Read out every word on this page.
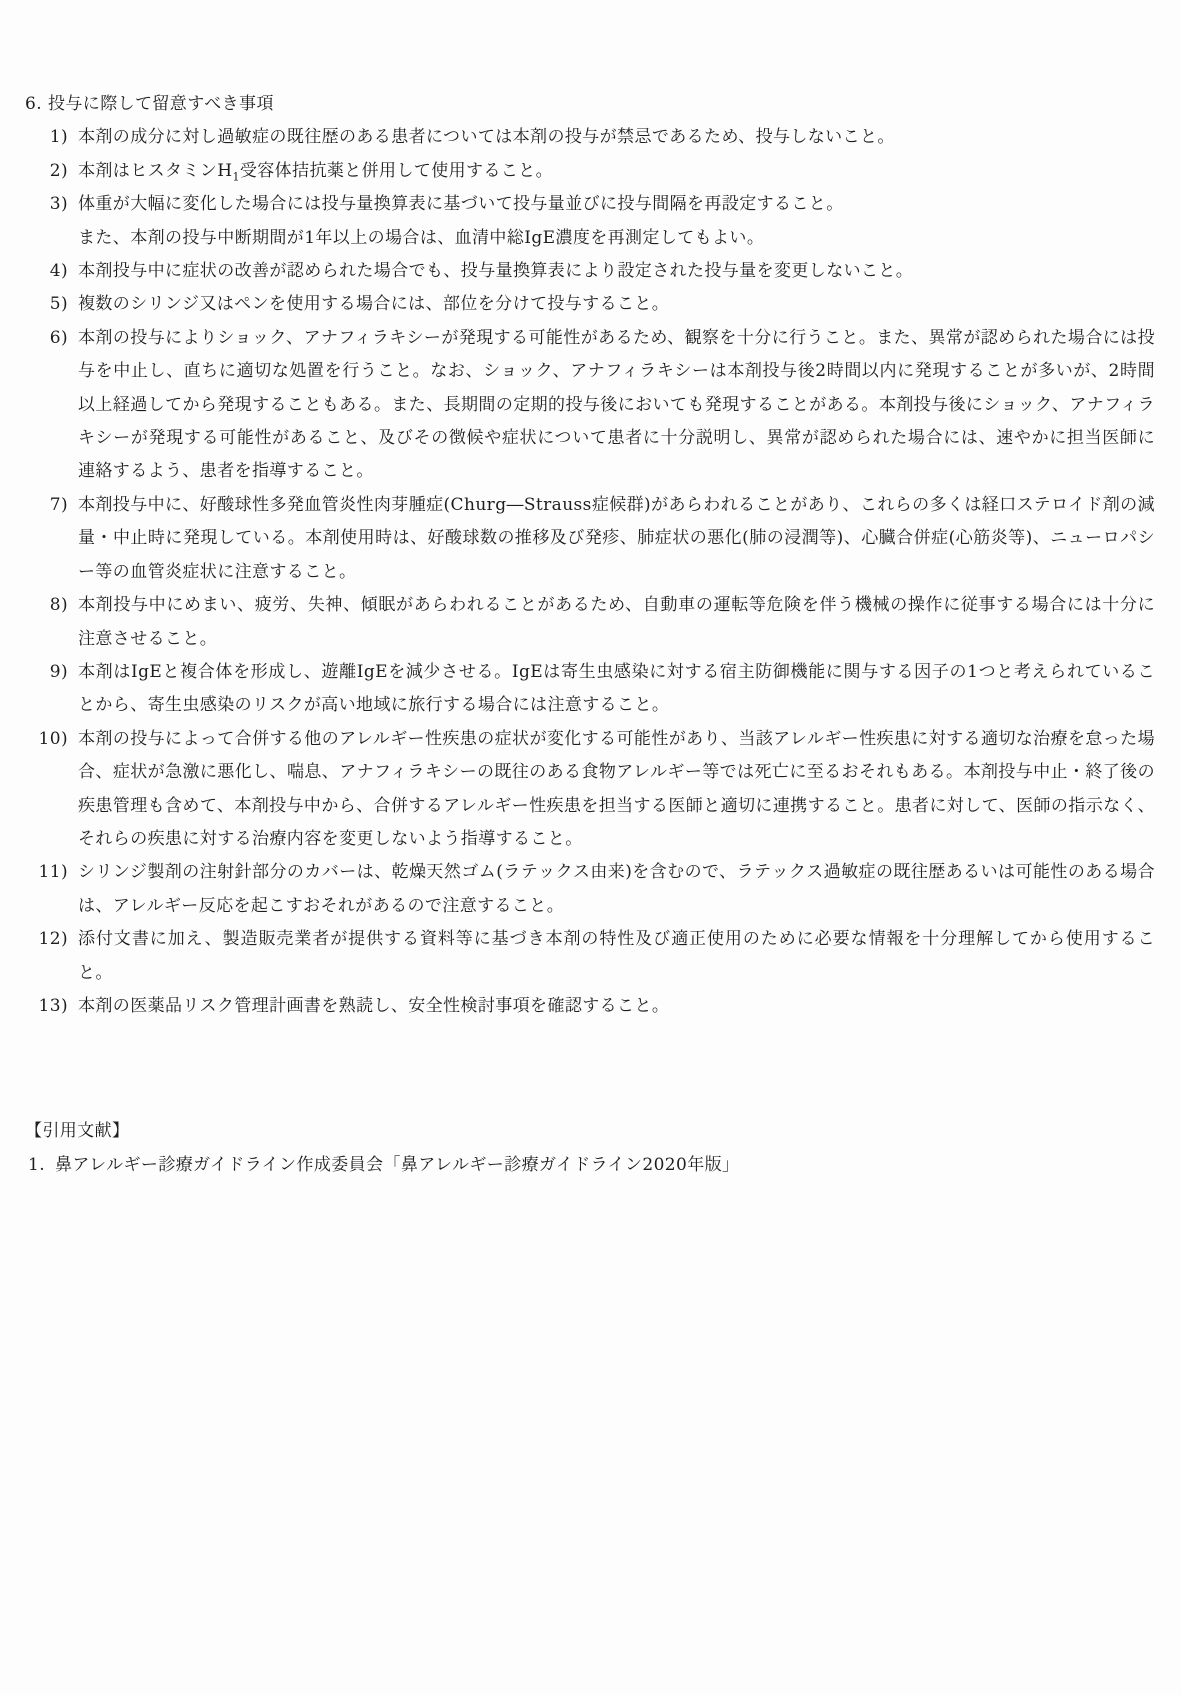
6. 投与に際して留意すべき事項
1) 本剤の成分に対し過敏症の既往歴のある患者については本剤の投与が禁忌であるため、投与しないこと。
2) 本剤はヒスタミン$H_1$受容体拮抗薬と併用して使用すること。
3) 体重が大幅に変化した場合には投与量換算表に基づいて投与量並びに投与間隔を再設定すること。
また、本剤の投与中断期間が1年以上の場合は、血清中総IgE濃度を再測定してもよい。
4) 本剤投与中に症状の改善が認められた場合でも、投与量換算表により設定された投与量を変更しないこと。
5) 複数のシリンジ又はペンを使用する場合には、部位を分けて投与すること。
6) 本剤の投与によりショック、アナフィラキシーが発現する可能性があるため、観察を十分に行うこと。また、異常が認められた場合には投与を中止し、直ちに適切な処置を行うこと。なお、ショック、アナフィラキシーは本剤投与後2時間以内に発現することが多いが、2時間以上経過してから発現することもある。また、長期間の定期的投与後においても発現することがある。本剤投与後にショック、アナフィラキシーが発現する可能性があること、及びその徴候や症状について患者に十分説明し、異常が認められた場合には、速やかに担当医師に連絡するよう、患者を指導すること。
7) 本剤投与中に、好酸球性多発血管炎性肉芽腫症(Churg―Strauss症候群)があらわれることがあり、これらの多くは経口ステロイド剤の減量・中止時に発現している。本剤使用時は、好酸球数の推移及び発疹、肺症状の悪化(肺の浸潤等)、心臓合併症(心筋炎等)、ニューロパシー等の血管炎症状に注意すること。
8) 本剤投与中にめまい、疲労、失神、傾眠があらわれることがあるため、自動車の運転等危険を伴う機械の操作に従事する場合には十分に注意させること。
9) 本剤はIgEと複合体を形成し、遊離IgEを減少させる。IgEは寄生虫感染に対する宿主防御機能に関与する因子の1つと考えられていることから、寄生虫感染のリスクが高い地域に旅行する場合には注意すること。
10) 本剤の投与によって合併する他のアレルギー性疾患の症状が変化する可能性があり、当該アレルギー性疾患に対する適切な治療を怠った場合、症状が急激に悪化し、喘息、アナフィラキシーの既往のある食物アレルギー等では死亡に至るおそれもある。本剤投与中止・終了後の疾患管理も含めて、本剤投与中から、合併するアレルギー性疾患を担当する医師と適切に連携すること。患者に対して、医師の指示なく、それらの疾患に対する治療内容を変更しないよう指導すること。
11) シリンジ製剤の注射針部分のカバーは、乾燥天然ゴム(ラテックス由来)を含むので、ラテックス過敏症の既往歴あるいは可能性のある場合は、アレルギー反応を起こすおそれがあるので注意すること。
12) 添付文書に加え、製造販売業者が提供する資料等に基づき本剤の特性及び適正使用のために必要な情報を十分理解してから使用すること。
13) 本剤の医薬品リスク管理計画書を熟読し、安全性検討事項を確認すること。
【引用文献】
1. 鼻アレルギー診療ガイドライン作成委員会「鼻アレルギー診療ガイドライン2020年版」
